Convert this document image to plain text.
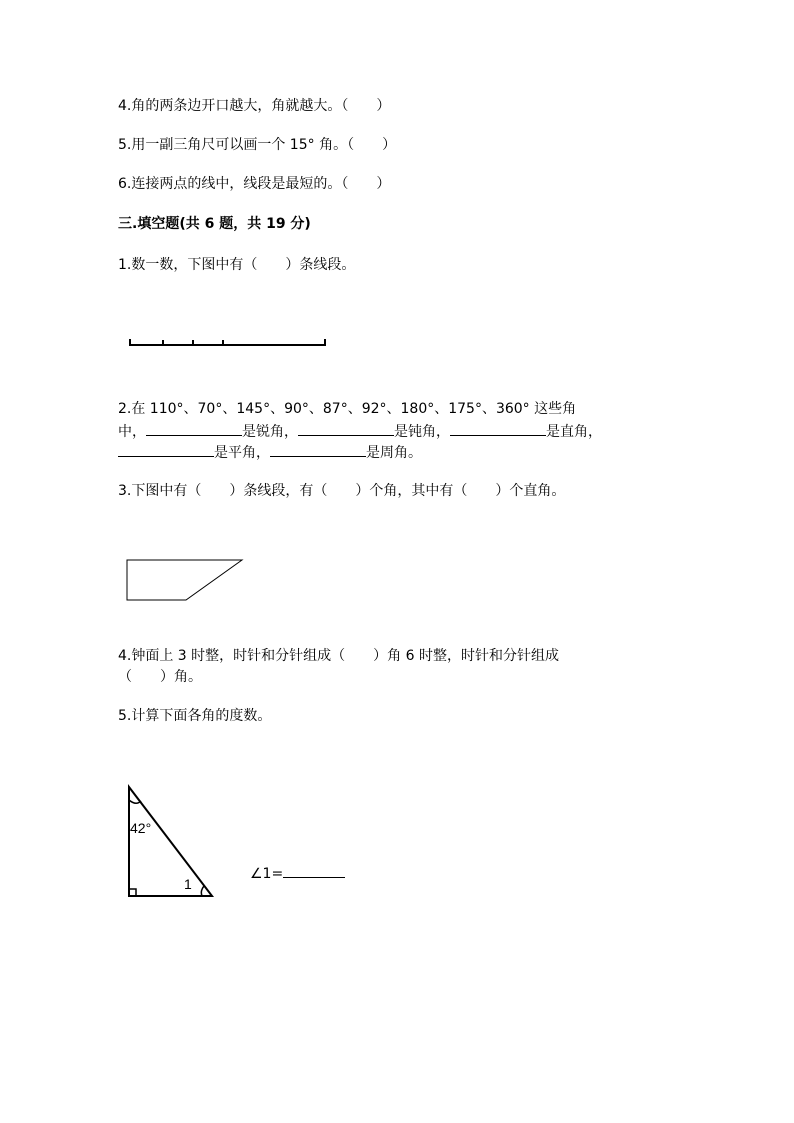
4.角的两条边开口越大，角就越大。（　　）
5.用一副三角尺可以画一个 15° 角。（　　）
6.连接两点的线中，线段是最短的。（　　）
三.填空题(共 6 题，共 19 分)
1.数一数，下图中有（　　）条线段。
2.在 110°、70°、145°、90°、87°、92°、180°、175°、360° 这些角
中，	是锐角，	是钝角，	是直角，
是平角，	是周角。
3.下图中有（　　）条线段，有（　　）个角，其中有（　　）个直角。
4.钟面上 3 时整，时针和分针组成（　　）角 6 时整，时针和分针组成
（　　）角。
5.计算下面各角的度数。
42°
1
∠1=
